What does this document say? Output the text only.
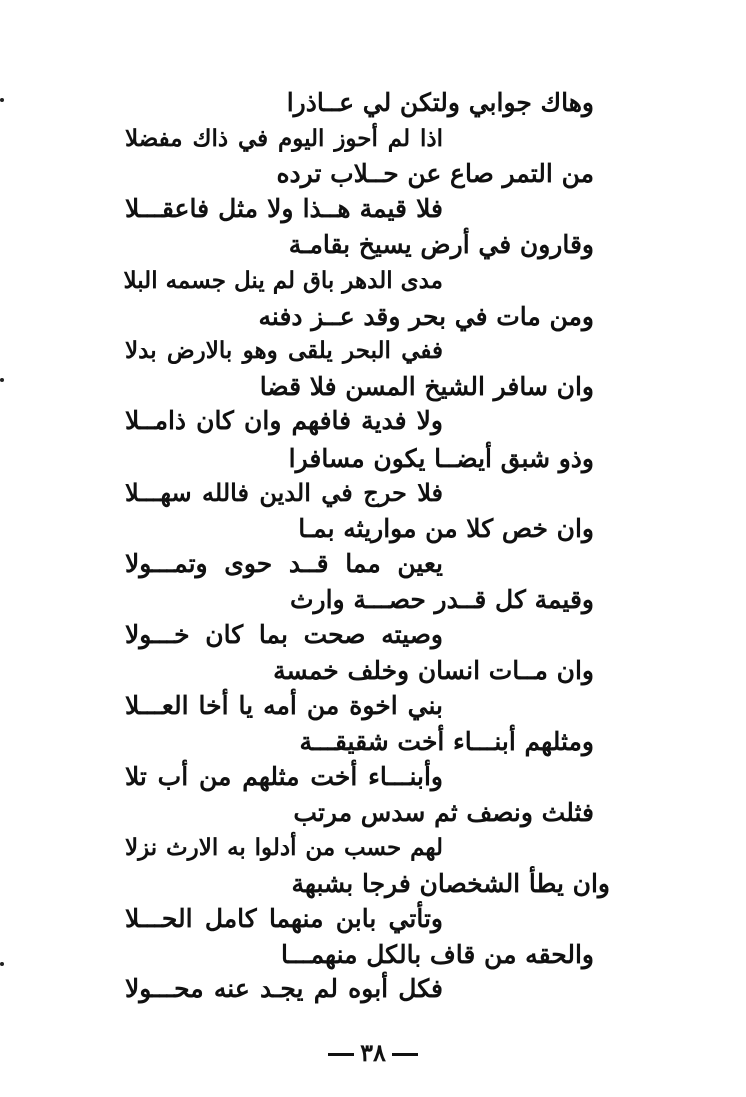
وهاك جوابي ولتكن لي عــاذرا
اذا لم أحوز اليوم في ذاك مفضلا
من التمر صاع عن حــلاب ترده
فلا قيمة هــذا ولا مثل فاعقـــلا
وقارون في أرض يسيخ بقامـة
مدى الدهر باق لم ينل جسمه البلا
ومن مات في بحر وقد عــز دفنه
ففي البحر يلقى وهو بالارض بدلا
وان سافر الشيخ المسن فلا قضا
ولا فدية فافهم وان كان ذامــلا
وذو شبق أيضــا يكون مسافرا
فلا حرج في الدين فالله سهـــلا
وان خص كلا من مواريثه بمـا
يعين مما قــد حوى وتمـــولا
وقيمة كل قــدر حصـــة وارث
وصيته صحت بما كان خـــولا
وان مــات انسان وخلف خمسة
بني اخوة من أمه يا أخا العـــلا
ومثلهم أبنـــاء أخت شقيقـــة
وأبنـــاء أخت مثلهم من أب تلا
فثلث ونصف ثم سدس مرتب
لهم حسب من أدلوا به الارث نزلا
وان يطأ الشخصان فرجا بشبهة
وتأتي بابن منهما كامل الحـــلا
والحقه من قاف بالكل منهمـــا
فكل أبوه لم يجـد عنه محـــولا
٣٨
